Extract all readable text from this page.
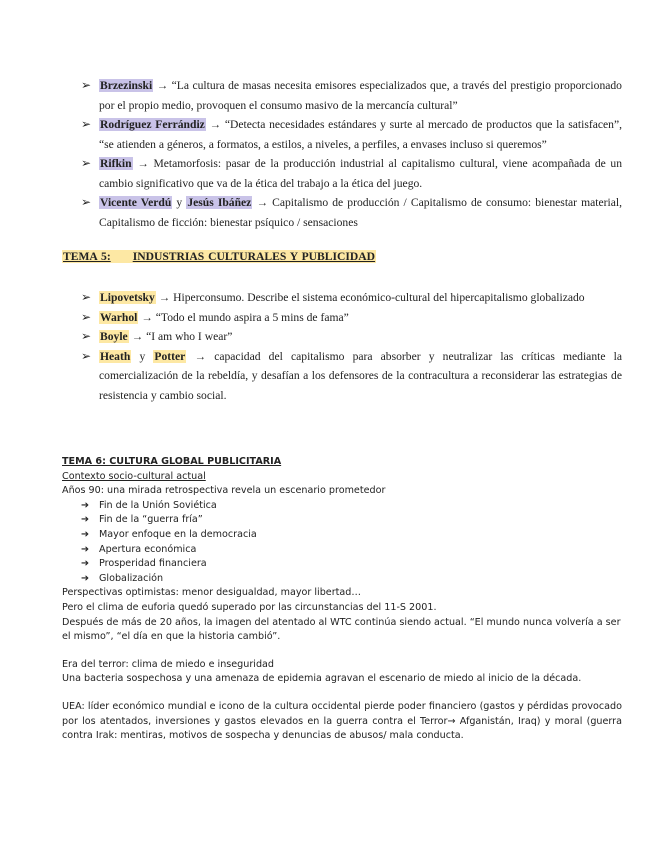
➢ Brzezinski → “La cultura de masas necesita emisores especializados que, a través del prestigio proporcionado por el propio medio, provoquen el consumo masivo de la mercancía cultural”
➢ Rodríguez Ferrándiz → “Detecta necesidades estándares y surte al mercado de productos que la satisfacen”, “se atienden a géneros, a formatos, a estilos, a niveles, a perfiles, a envases incluso si queremos”
➢ Rifkin → Metamorfosis: pasar de la producción industrial al capitalismo cultural, viene acompañada de un cambio significativo que va de la ética del trabajo a la ética del juego.
➢ Vicente Verdú y Jesús Ibáñez → Capitalismo de producción / Capitalismo de consumo: bienestar material, Capitalismo de ficción: bienestar psíquico / sensaciones
TEMA 5: INDUSTRIAS CULTURALES Y PUBLICIDAD
➢ Lipovetsky → Hiperconsumo. Describe el sistema económico-cultural del hipercapitalismo globalizado
➢ Warhol → “Todo el mundo aspira a 5 mins de fama”
➢ Boyle → “I am who I wear”
➢ Heath y Potter → capacidad del capitalismo para absorber y neutralizar las críticas mediante la comercialización de la rebeldía, y desafían a los defensores de la contracultura a reconsiderar las estrategias de resistencia y cambio social.
TEMA 6: CULTURA GLOBAL PUBLICITARIA
Contexto socio-cultural actual
Años 90: una mirada retrospectiva revela un escenario prometedor
➔ Fin de la Unión Soviética
➔ Fin de la “guerra fría”
➔ Mayor enfoque en la democracia
➔ Apertura económica
➔ Prosperidad financiera
➔ Globalización
Perspectivas optimistas: menor desigualdad, mayor libertad…
Pero el clima de euforia quedó superado por las circunstancias del 11-S 2001.
Después de más de 20 años, la imagen del atentado al WTC continúa siendo actual. “El mundo nunca volvería a ser el mismo”, “el día en que la historia cambió”.
Era del terror: clima de miedo e inseguridad
Una bacteria sospechosa y una amenaza de epidemia agravan el escenario de miedo al inicio de la década.
UEA: líder económico mundial e icono de la cultura occidental pierde poder financiero (gastos y pérdidas provocado por los atentados, inversiones y gastos elevados en la guerra contra el Terror→ Afganistán, Iraq) y moral (guerra contra Irak: mentiras, motivos de sospecha y denuncias de abusos/ mala conducta.
